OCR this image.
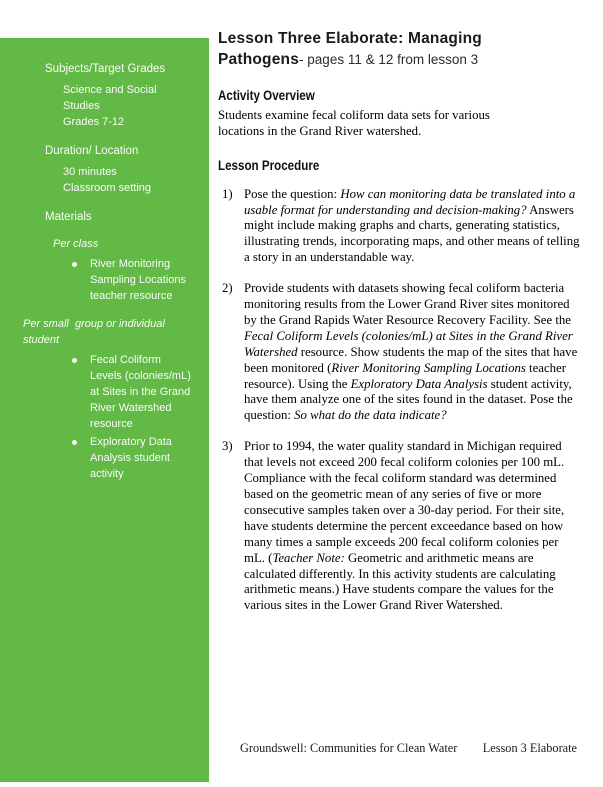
Subjects/Target Grades
Science and Social Studies
Grades 7-12
Duration/ Location
30 minutes
Classroom setting
Materials
Per class
River Monitoring Sampling Locations teacher resource
Per small  group or individual student
Fecal Coliform Levels (colonies/mL) at Sites in the Grand River Watershed resource
Exploratory Data Analysis student activity
Lesson Three Elaborate: Managing
Pathogens- pages 11 & 12 from lesson 3
Activity Overview

Students examine fecal coliform data sets for various locations in the Grand River watershed.

Lesson Procedure
1) Pose the question: How can monitoring data be translated into a usable format for understanding and decision-making? Answers might include making graphs and charts, generating statistics, illustrating trends, incorporating maps, and other means of telling a story in an understandable way.
2) Provide students with datasets showing fecal coliform bacteria monitoring results from the Lower Grand River sites monitored by the Grand Rapids Water Resource Recovery Facility. See the Fecal Coliform Levels (colonies/mL) at Sites in the Grand River Watershed resource. Show students the map of the sites that have been monitored (River Monitoring Sampling Locations teacher resource). Using the Exploratory Data Analysis student activity, have them analyze one of the sites found in the dataset. Pose the question: So what do the data indicate?
3) Prior to 1994, the water quality standard in Michigan required that levels not exceed 200 fecal coliform colonies per 100 mL. Compliance with the fecal coliform standard was determined based on the geometric mean of any series of five or more consecutive samples taken over a 30-day period. For their site, have students determine the percent exceedance based on how many times a sample exceeds 200 fecal coliform colonies per mL. (Teacher Note: Geometric and arithmetic means are calculated differently. In this activity students are calculating arithmetic means.) Have students compare the values for the various sites in the Lower Grand River Watershed.
Groundswell: Communities for Clean Water Lesson 3 Elaborate
